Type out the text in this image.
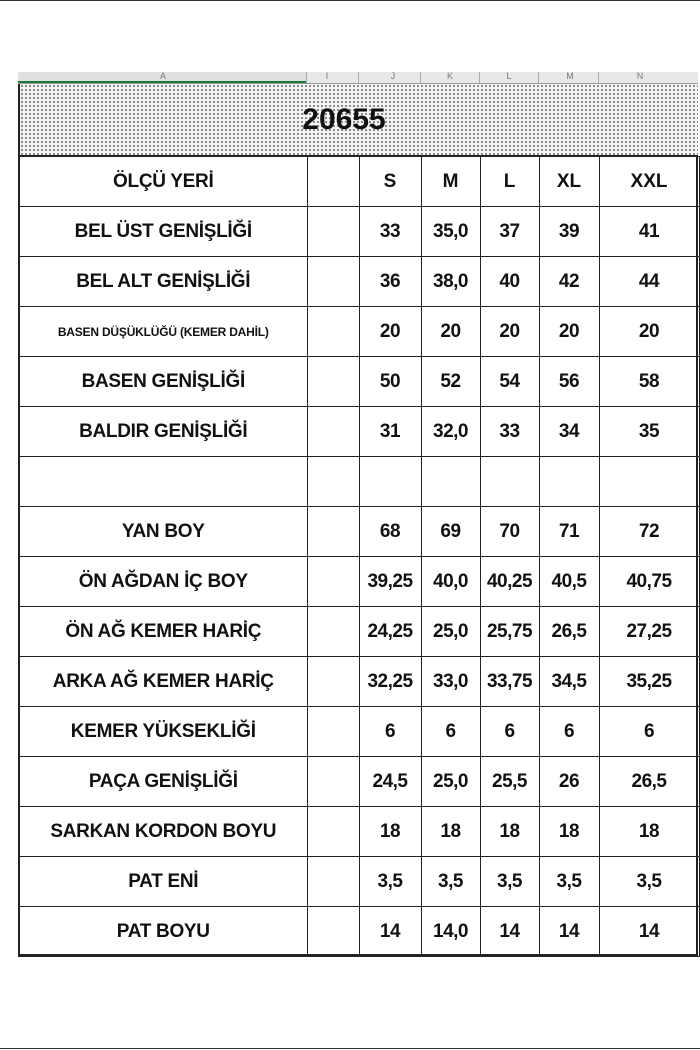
A	I	J	K	L	M	N
20655
ÖLÇÜ YERİ		S	M	L	XL	XXL
BEL ÜST GENİŞLİĞİ		33	35,0	37	39	41
BEL ALT GENİŞLİĞİ		36	38,0	40	42	44
BASEN DÜŞÜKLÜĞÜ (KEMER DAHİL)		20	20	20	20	20
BASEN GENİŞLİĞİ		50	52	54	56	58
BALDIR GENİŞLİĞİ		31	32,0	33	34	35

YAN BOY		68	69	70	71	72
ÖN AĞDAN İÇ BOY		39,25	40,0	40,25	40,5	40,75
ÖN AĞ KEMER HARİÇ		24,25	25,0	25,75	26,5	27,25
ARKA AĞ KEMER HARİÇ		32,25	33,0	33,75	34,5	35,25
KEMER YÜKSEKLİĞİ		6	6	6	6	6
PAÇA GENİŞLİĞİ		24,5	25,0	25,5	26	26,5
SARKAN KORDON BOYU		18	18	18	18	18
PAT ENİ		3,5	3,5	3,5	3,5	3,5
PAT BOYU		14	14,0	14	14	14
